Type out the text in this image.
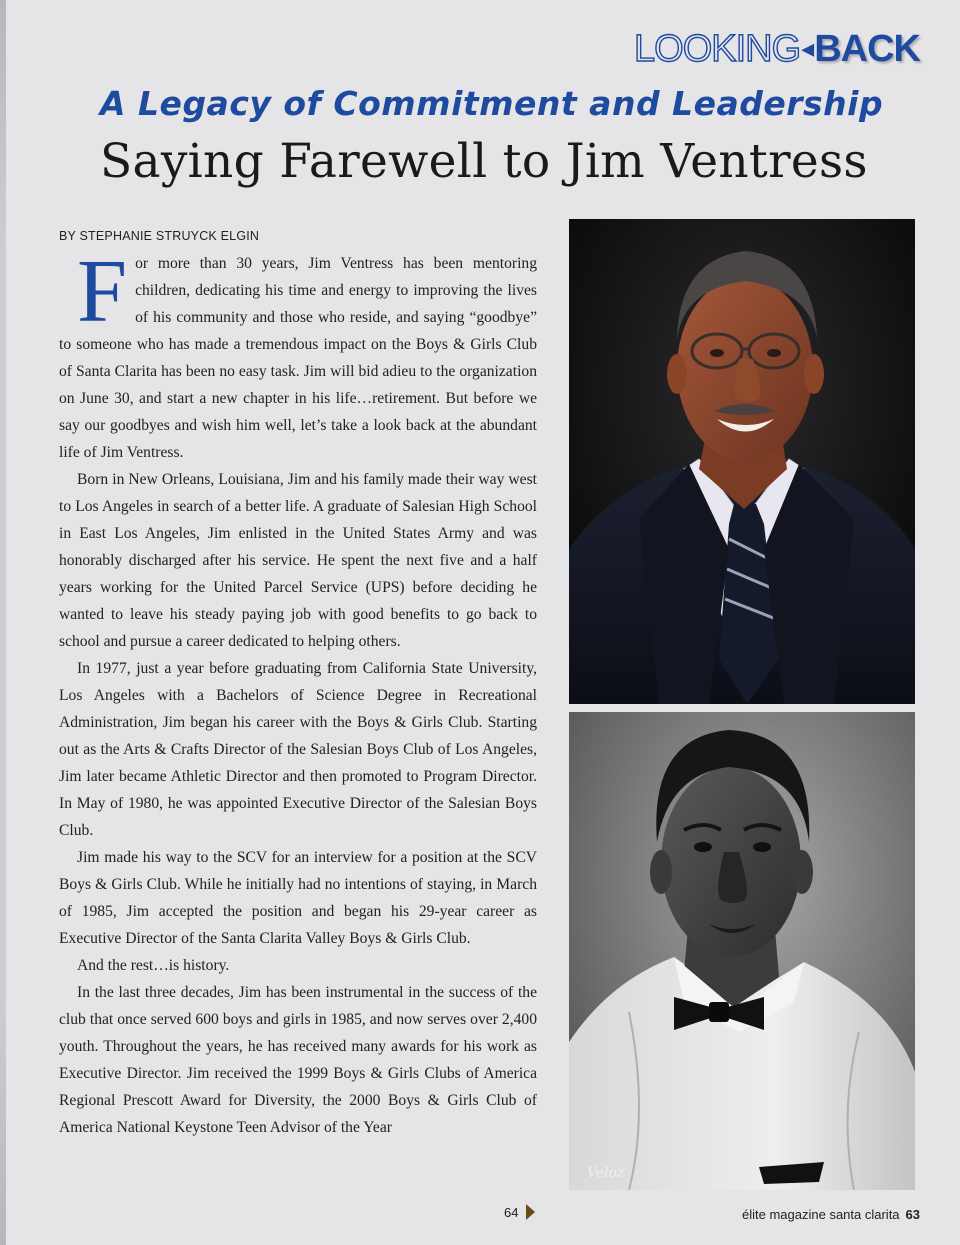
LOOKING◂BACK
A Legacy of Commitment and Leadership
Saying Farewell to Jim Ventress
BY STEPHANIE STRUYCK ELGIN

For more than 30 years, Jim Ventress has been mentoring children, dedicating his time and energy to improving the lives of his community and those who reside, and saying “goodbye” to someone who has made a tremendous impact on the Boys & Girls Club of Santa Clarita has been no easy task. Jim will bid adieu to the organization on June 30, and start a new chapter in his life…retirement. But before we say our goodbyes and wish him well, let’s take a look back at the abundant life of Jim Ventress.

Born in New Orleans, Louisiana, Jim and his family made their way west to Los Angeles in search of a better life. A graduate of Salesian High School in East Los Angeles, Jim enlisted in the United States Army and was honorably discharged after his service. He spent the next five and a half years working for the United Parcel Service (UPS) before deciding he wanted to leave his steady paying job with good benefits to go back to school and pursue a career dedicated to helping others.

In 1977, just a year before graduating from California State University, Los Angeles with a Bachelors of Science Degree in Recreational Administration, Jim began his career with the Boys & Girls Club. Starting out as the Arts & Crafts Director of the Salesian Boys Club of Los Angeles, Jim later became Athletic Director and then promoted to Program Director. In May of 1980, he was appointed Executive Director of the Salesian Boys Club.

Jim made his way to the SCV for an interview for a position at the SCV Boys & Girls Club. While he initially had no intentions of staying, in March of 1985, Jim accepted the position and began his 29-year career as Executive Director of the Santa Clarita Valley Boys & Girls Club.

And the rest…is history.

In the last three decades, Jim has been instrumental in the success of the club that once served 600 boys and girls in 1985, and now serves over 2,400 youth. Throughout the years, he has received many awards for his work as Executive Director. Jim received the 1999 Boys & Girls Clubs of America Regional Prescott Award for Diversity, the 2000 Boys & Girls Club of America National Keystone Teen Advisor of the Year

Veloz
64	élite magazine santa clarita 63
